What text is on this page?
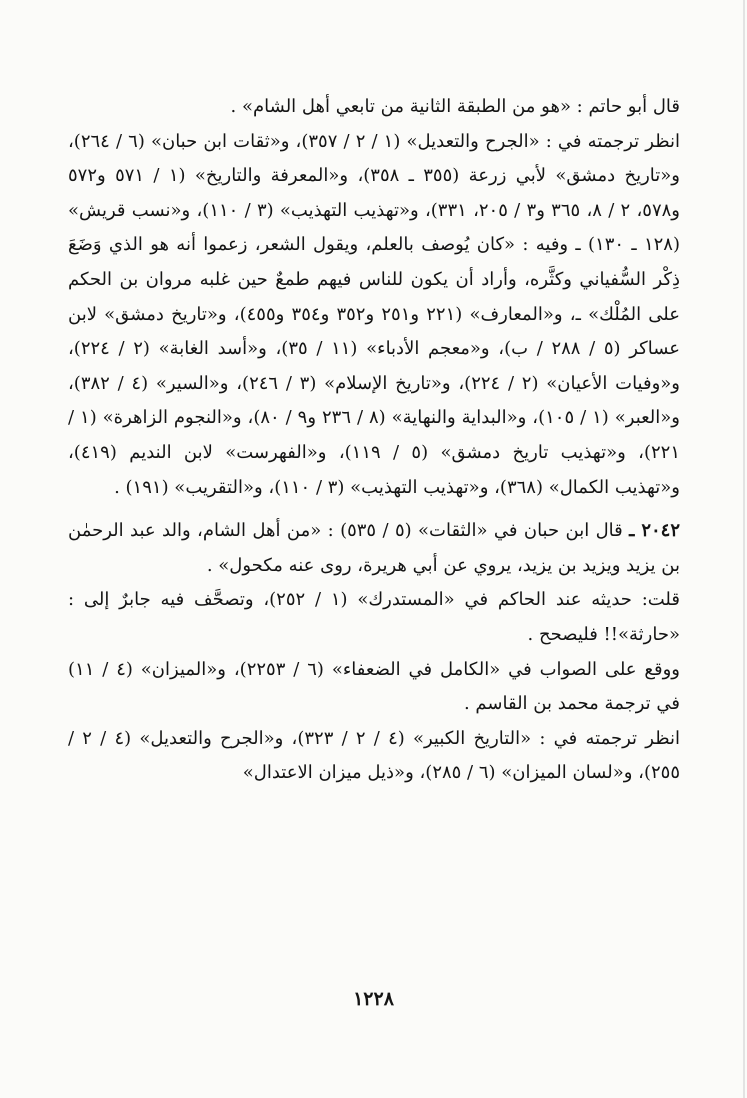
قال أبو حاتم : «هو من الطبقة الثانية من تابعي أهل الشام» .

انظر ترجمته في : «الجرح والتعديل» (١ / ٢ / ٣٥٧)، و«ثقات ابن حبان» (٦ / ٢٦٤)، و«تاريخ دمشق» لأبي زرعة (٣٥٥ ـ ٣٥٨)، و«المعرفة والتاريخ» (١ / ٥٧١ و٥٧٢ و٥٧٨، ٢ / ٨، ٣٦٥ و٣ / ٢٠٥، ٣٣١)، و«تهذيب التهذيب» (٣ / ١١٠)، و«نسب قريش» (١٢٨ ـ ١٣٠) ـ وفيه : «كان يُوصف بالعلم، ويقول الشعر، زعموا أنه هو الذي وَضَعَ ذِكْر السُّفياني وكثَّره، وأراد أن يكون للناس فيهم طمعٌ حين غلبه مروان بن الحكم على المُلْك» ـ، و«المعارف» (٢٢١ و٢٥١ و٣٥٢ و٣٥٤ و٤٥٥)، و«تاريخ دمشق» لابن عساكر (٥ / ٢٨٨ / ب)، و«معجم الأدباء» (١١ / ٣٥)، و«أسد الغابة» (٢ / ٢٢٤)، و«وفيات الأعيان» (٢ / ٢٢٤)، و«تاريخ الإسلام» (٣ / ٢٤٦)، و«السير» (٤ / ٣٨٢)، و«العبر» (١ / ١٠٥)، و«البداية والنهاية» (٨ / ٢٣٦ و٩ / ٨٠)، و«النجوم الزاهرة» (١ / ٢٢١)، و«تهذيب تاريخ دمشق» (٥ / ١١٩)، و«الفهرست» لابن النديم (٤١٩)، و«تهذيب الكمال» (٣٦٨)، و«تهذيب التهذيب» (٣ / ١١٠)، و«التقريب» (١٩١) .

٢٠٤٢ ـ قال ابن حبان في «الثقات» (٥ / ٥٣٥) : «من أهل الشام، والد عبد الرحمٰن بن يزيد ويزيد بن يزيد، يروي عن أبي هريرة، روى عنه مكحول» .

قلت: حديثه عند الحاكم في «المستدرك» (١ / ٢٥٢)، وتصحَّف فيه جابرٌ إلى : «حارثة»!! فليصحح .

ووقع على الصواب في «الكامل في الضعفاء» (٦ / ٢٢٥٣)، و«الميزان» (٤ / ١١) في ترجمة محمد بن القاسم .

انظر ترجمته في : «التاريخ الكبير» (٤ / ٢ / ٣٢٣)، و«الجرح والتعديل» (٤ / ٢ / ٢٥٥)، و«لسان الميزان» (٦ / ٢٨٥)، و«ذيل ميزان الاعتدال»

١٢٢٨
